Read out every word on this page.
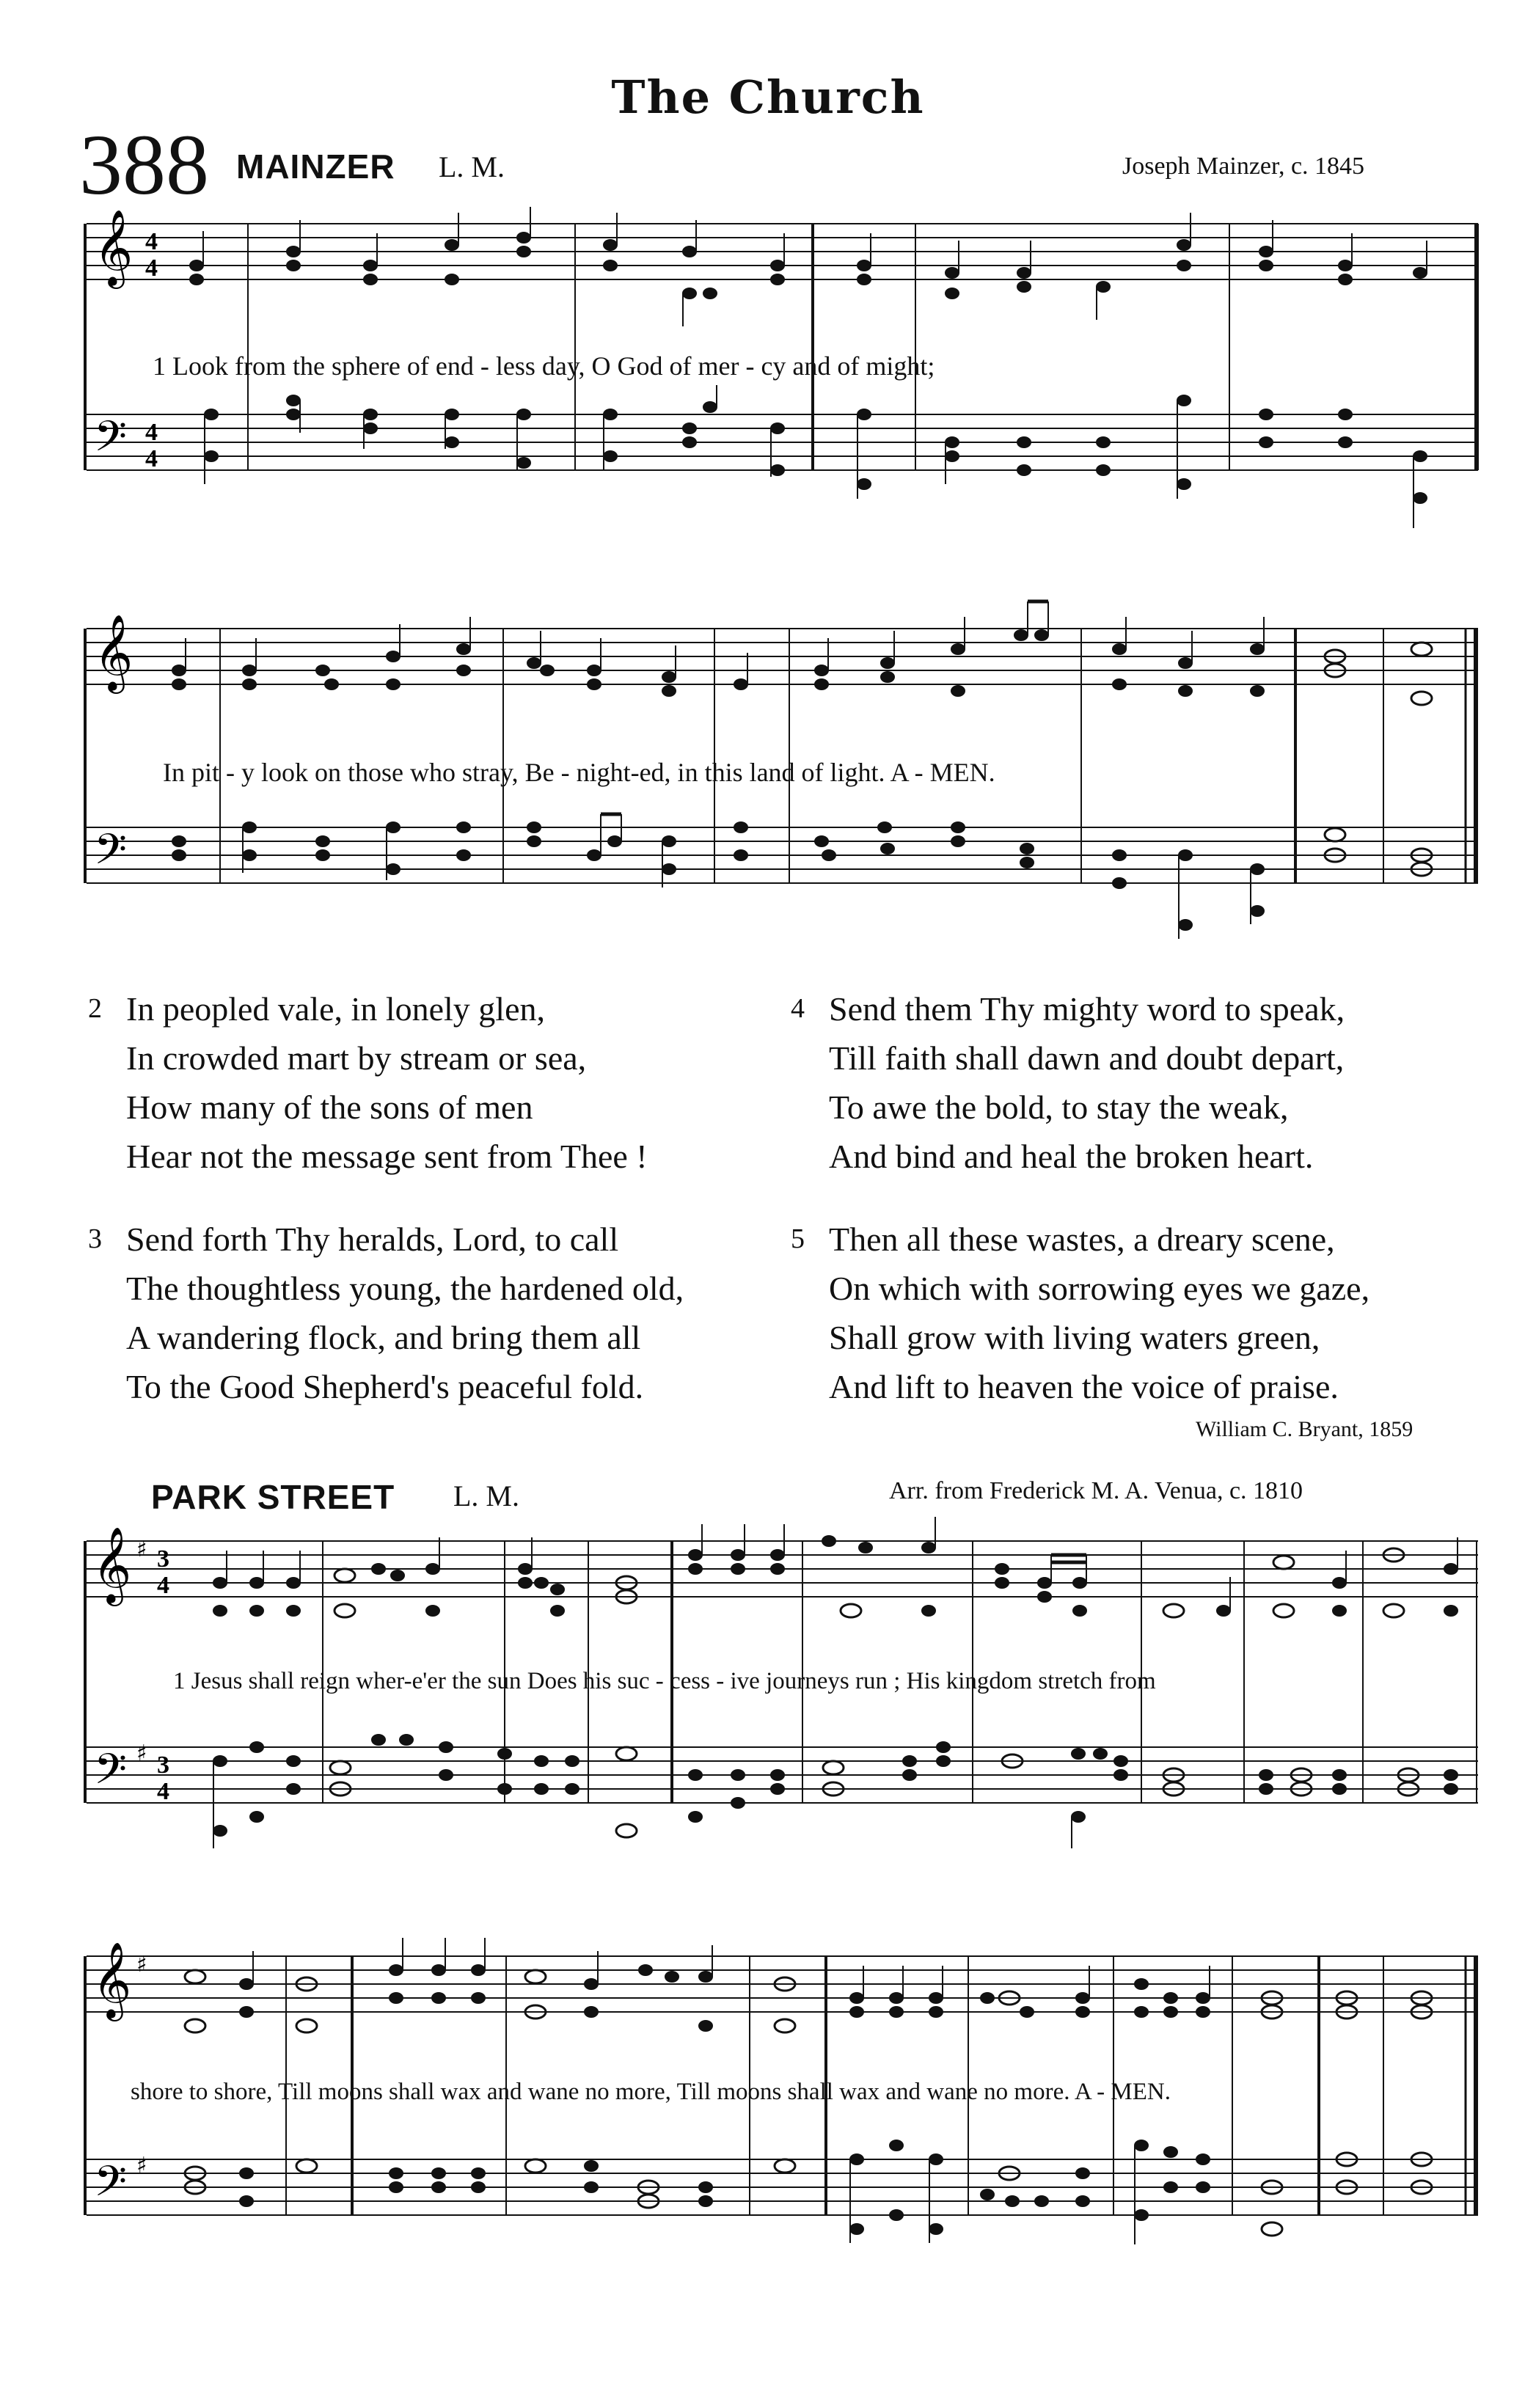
The Church
388 MAINZER L. M.	Joseph Mainzer, c. 1845
𝄞
𝄢
4
4
4
4
1 Look from the sphere of end - less day, O God of mer - cy and of might;
𝄞
𝄢
In pit - y look on those who stray, Be - night-ed, in this land of light. A - MEN.
2 In peopled vale, in lonely glen,
In crowded mart by stream or sea,
How many of the sons of men
Hear not the message sent from Thee !
4 Send them Thy mighty word to speak,
Till faith shall dawn and doubt depart,
To awe the bold, to stay the weak,
And bind and heal the broken heart.
3 Send forth Thy heralds, Lord, to call
The thoughtless young, the hardened old,
A wandering flock, and bring them all
To the Good Shepherd's peaceful fold.
5 Then all these wastes, a dreary scene,
On which with sorrowing eyes we gaze,
Shall grow with living waters green,
And lift to heaven the voice of praise.
William C. Bryant, 1859
PARK STREET L. M.	Arr. from Frederick M. A. Venua, c. 1810
𝄞
𝄢
♯
♯
3
4
3
4
1 Jesus shall reign wher-e'er the sun Does his suc - cess - ive journeys run ; His kingdom stretch from
𝄞
𝄢
♯
♯
shore to shore, Till moons shall wax and wane no more, Till moons shall wax and wane no more. A - MEN.
